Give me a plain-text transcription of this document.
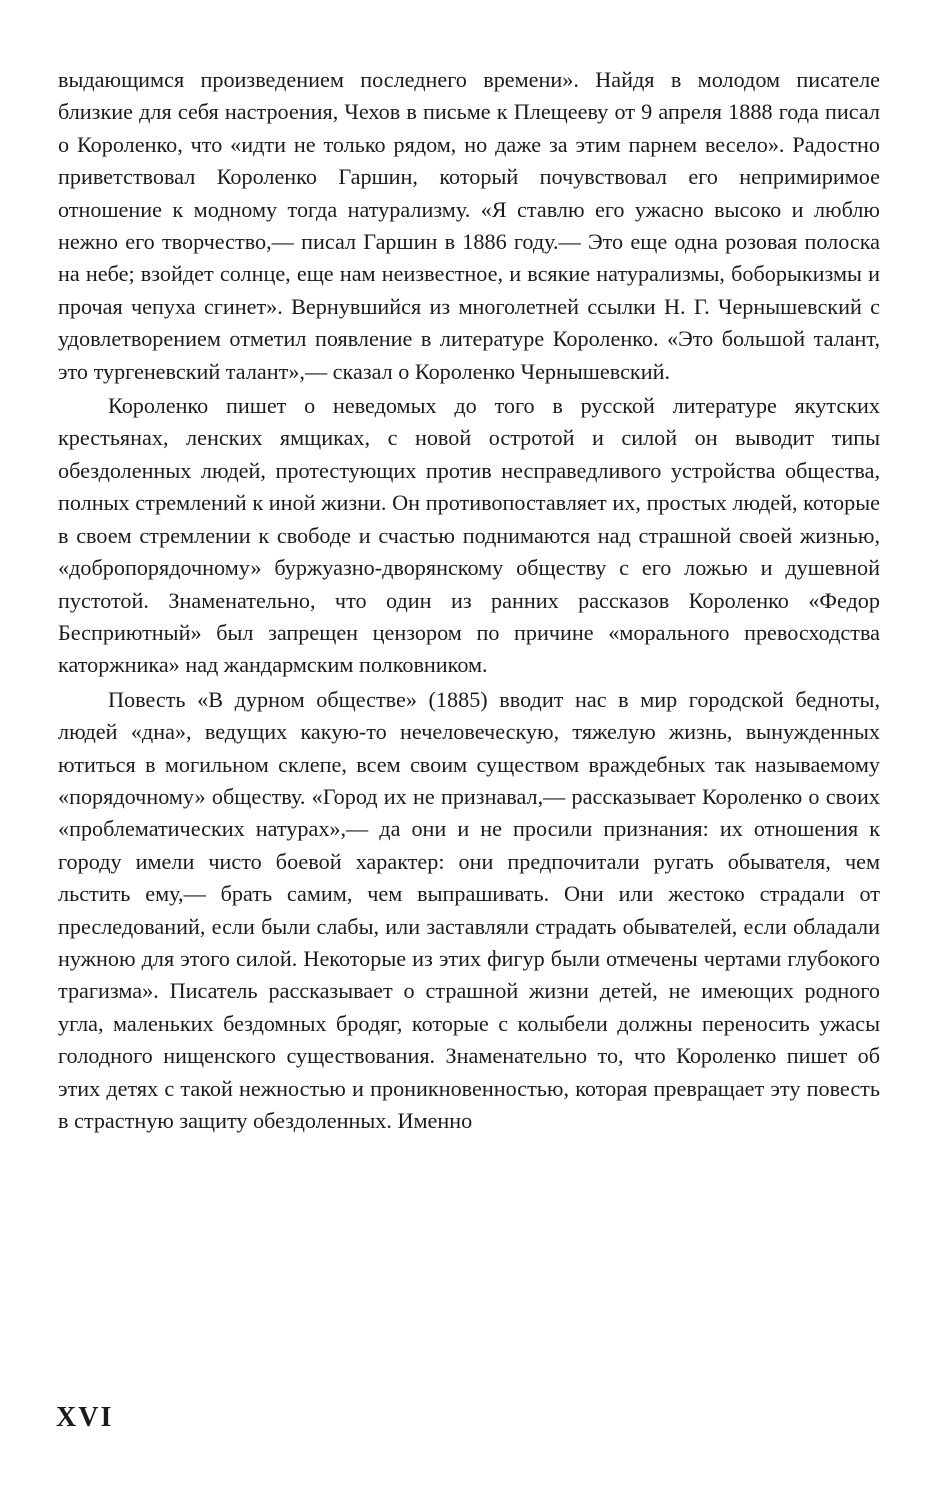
выдающимся произведением последнего времени». Найдя в молодом писателе близкие для себя настроения, Чехов в письме к Плещееву от 9 апреля 1888 года писал о Короленко, что «идти не только рядом, но даже за этим парнем весело». Радостно приветствовал Короленко Гаршин, который почувствовал его непримиримое отношение к модному тогда натурализму. «Я ставлю его ужасно высоко и люблю нежно его творчество,— писал Гаршин в 1886 году.— Это еще одна розовая полоска на небе; взойдет солнце, еще нам неизвестное, и всякие натурализмы, боборыкизмы и прочая чепуха сгинет». Вернувшийся из многолетней ссылки Н. Г. Чернышевский с удовлетворением отметил появление в литературе Короленко. «Это большой талант, это тургеневский талант»,— сказал о Короленко Чернышевский.

Короленко пишет о неведомых до того в русской литературе якутских крестьянах, ленских ямщиках, с новой остротой и силой он выводит типы обездоленных людей, протестующих против несправедливого устройства общества, полных стремлений к иной жизни. Он противопоставляет их, простых людей, которые в своем стремлении к свободе и счастью поднимаются над страшной своей жизнью, «добропорядочному» буржуазно-дворянскому обществу с его ложью и душевной пустотой. Знаменательно, что один из ранних рассказов Короленко «Федор Бесприютный» был запрещен цензором по причине «морального превосходства каторжника» над жандармским полковником.

Повесть «В дурном обществе» (1885) вводит нас в мир городской бедноты, людей «дна», ведущих какую-то нечеловеческую, тяжелую жизнь, вынужденных ютиться в могильном склепе, всем своим существом враждебных так называемому «порядочному» обществу. «Город их не признавал,— рассказывает Короленко о своих «проблематических натурах»,— да они и не просили признания: их отношения к городу имели чисто боевой характер: они предпочитали ругать обывателя, чем льстить ему,— брать самим, чем выпрашивать. Они или жестоко страдали от преследований, если были слабы, или заставляли страдать обывателей, если обладали нужною для этого силой. Некоторые из этих фигур были отмечены чертами глубокого трагизма». Писатель рассказывает о страшной жизни детей, не имеющих родного угла, маленьких бездомных бродяг, которые с колыбели должны переносить ужасы голодного нищенского существования. Знаменательно то, что Короленко пишет об этих детях с такой нежностью и проникновенностью, которая превращает эту повесть в страстную защиту обездоленных. Именно

XVI
